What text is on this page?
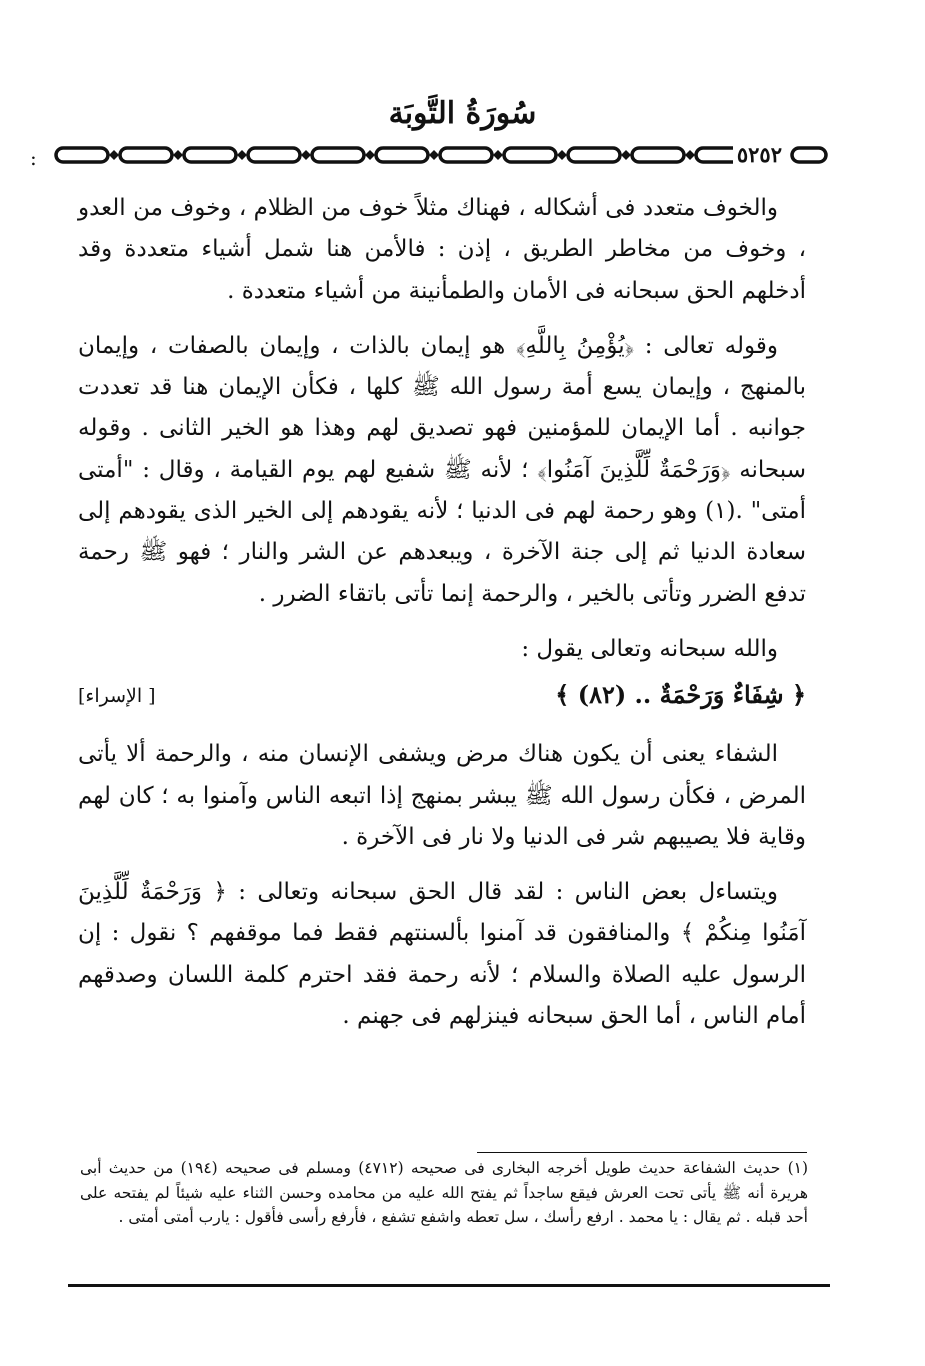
سُورَةُ التَّوبَة
:	٥٢٥٢

والخوف متعدد فى أشكاله ، فهناك مثلاً خوف من الظلام ، وخوف من العدو ، وخوف من مخاطر الطريق ، إذن : فالأمن هنا شمل أشياء متعددة وقد أدخلهم الحق سبحانه فى الأمان والطمأنينة من أشياء متعددة .

وقوله تعالى : ﴿يُؤْمِنُ بِاللَّهِ﴾ هو إيمان بالذات ، وإيمان بالصفات ، وإيمان بالمنهج ، وإيمان يسع أمة رسول الله ﷺ كلها ، فكأن الإيمان هنا قد تعددت جوانبه . أما الإيمان للمؤمنين فهو تصديق لهم وهذا هو الخير الثانى . وقوله سبحانه ﴿وَرَحْمَةٌ لِّلَّذِينَ آمَنُوا﴾ ؛ لأنه ﷺ شفيع لهم يوم القيامة ، وقال : "أمتى أمتى" .(١) وهو رحمة لهم فى الدنيا ؛ لأنه يقودهم إلى الخير الذى يقودهم إلى سعادة الدنيا ثم إلى جنة الآخرة ، ويبعدهم عن الشر والنار ؛ فهو ﷺ رحمة تدفع الضرر وتأتى بالخير ، والرحمة إنما تأتى باتقاء الضرر .

والله سبحانه وتعالى يقول :

﴿ شِفَاءٌ وَرَحْمَةٌ .. (٨٢) ﴾
[ الإسراء]

الشفاء يعنى أن يكون هناك مرض ويشفى الإنسان منه ، والرحمة ألا يأتى المرض ، فكأن رسول الله ﷺ يبشر بمنهج إذا اتبعه الناس وآمنوا به ؛ كان لهم وقاية فلا يصيبهم شر فى الدنيا ولا نار فى الآخرة .

ويتساءل بعض الناس : لقد قال الحق سبحانه وتعالى : ﴿ وَرَحْمَةٌ لِّلَّذِينَ آمَنُوا مِنكُمْ ﴾ والمنافقون قد آمنوا بألسنتهم فقط فما موقفهم ؟ نقول : إن الرسول عليه الصلاة والسلام ؛ لأنه رحمة فقد احترم كلمة اللسان وصدقهم أمام الناس ، أما الحق سبحانه فينزلهم فى جهنم .

(١) حديث الشفاعة حديث طويل أخرجه البخارى فى صحيحه (٤٧١٢) ومسلم فى صحيحه (١٩٤) من حديث أبى هريرة أنه ﷺ يأتى تحت العرش فيقع ساجداً ثم يفتح الله عليه من محامده وحسن الثناء عليه شيئاً لم يفتحه على أحد قبله . ثم يقال : يا محمد . ارفع رأسك ، سل تعطه واشفع تشفع ، فأرفع رأسى فأقول : يارب أمتى أمتى .
